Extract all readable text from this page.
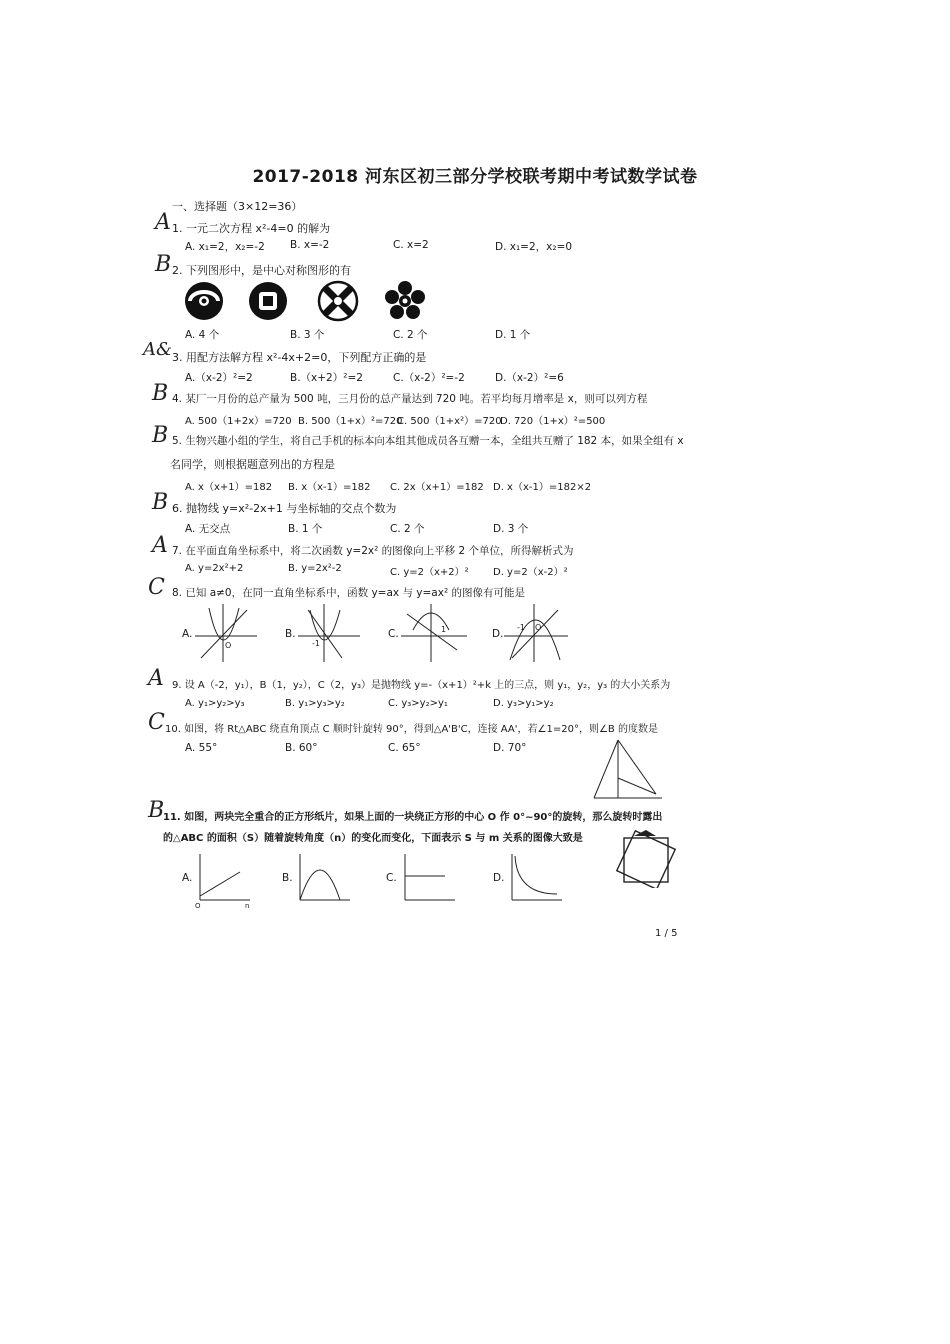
2017-2018 河东区初三部分学校联考期中考试数学试卷
一、选择题（3×12=36）
A 1. 一元二次方程 x²-4=0 的解为
A. x₁=2，x₂=-2 B. x=-2	C. x=2	D. x₁=2，x₂=0
B 2. 下列图形中，是中心对称图形的有
A. 4 个	B. 3 个	C. 2 个	D. 1 个
A& 3. 用配方法解方程 x²-4x+2=0，下列配方正确的是
A.（x-2）²=2	B.（x+2）²=2	C.（x-2）²=-2	D.（x-2）²=6
B 4. 某厂一月份的总产量为 500 吨，三月份的总产量达到 720 吨。若平均每月增率是 x，则可以列方程
A. 500（1+2x）=720 B. 500（1+x）²=720
C. 500（1+x²）=720
D. 720（1+x）²=500
B 5. 生物兴趣小组的学生，将自己手机的标本向本组其他成员各互赠一本，全组共互赠了 182 本，如果全组有 x
名同学，则根据题意列出的方程是
A. x（x+1）=182 B. x（x-1）=182 C. 2x（x+1）=182 D. x（x-1）=182×2
B 6. 抛物线 y=x²-2x+1 与坐标轴的交点个数为
A. 无交点	B. 1 个	C. 2 个	D. 3 个
A 7. 在平面直角坐标系中，将二次函数 y=2x² 的图像向上平移 2 个单位，所得解析式为
A. y=2x²+2	B. y=2x²-2	C. y=2（x+2）² D. y=2（x-2）²
C 8. 已知 a≠0，在同一直角坐标系中，函数 y=ax 与 y=ax² 的图像有可能是
A.	B.	C.	D.
O	-1
1	-1 O
A 9. 设 A（-2，y₁），B（1，y₂），C（2，y₃）是抛物线 y=-（x+1）²+k 上的三点，则 y₁，y₂，y₃ 的大小关系为
A. y₁>y₂>y₃	B. y₁>y₃>y₂	C. y₃>y₂>y₁	D. y₃>y₁>y₂
C 10. 如图，将 Rt△ABC 绕直角顶点 C 顺时针旋转 90°，得到△A'B'C，连接 AA'，若∠1=20°，则∠B 的度数是
A. 55°	B. 60°	C. 65°	D. 70°
B
11. 如图，两块完全重合的正方形纸片，如果上面的一块绕正方形的中心 O 作 0°~90°的旋转，那么旋转时露出
的△ABC 的面积（S）随着旋转角度（n）的变化而变化，下面表示 S 与 m 关系的图像大致是
A.	B.	C.	D.
O	n
1 / 5
